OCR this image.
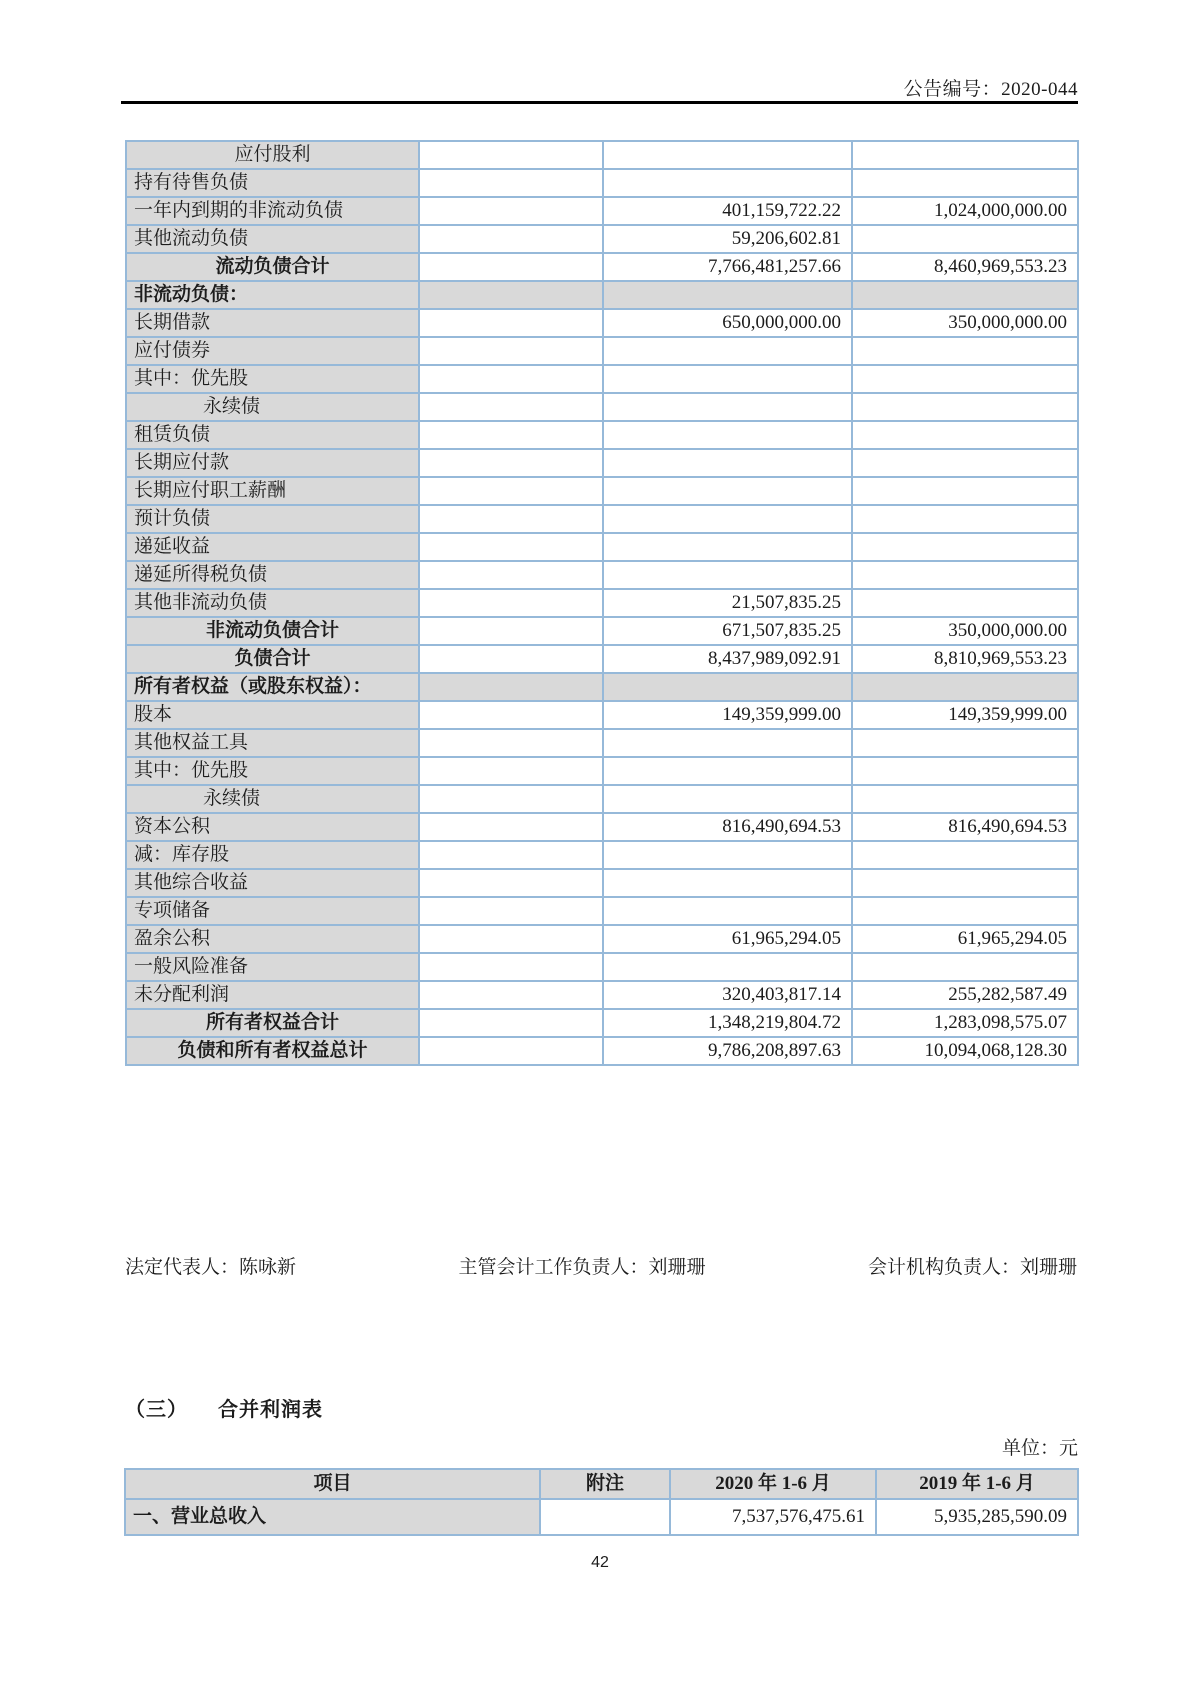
公告编号：2020-044
应付股利			
持有待售负债			
一年内到期的非流动负债		401,159,722.22	1,024,000,000.00
其他流动负债		59,206,602.81	
流动负债合计		7,766,481,257.66	8,460,969,553.23
非流动负债：			
长期借款		650,000,000.00	350,000,000.00
应付债券			
其中：优先股			
永续债			
租赁负债			
长期应付款			
长期应付职工薪酬			
预计负债			
递延收益			
递延所得税负债			
其他非流动负债		21,507,835.25	
非流动负债合计		671,507,835.25	350,000,000.00
负债合计		8,437,989,092.91	8,810,969,553.23
所有者权益（或股东权益）：			
股本		149,359,999.00	149,359,999.00
其他权益工具			
其中：优先股			
永续债			
资本公积		816,490,694.53	816,490,694.53
减：库存股			
其他综合收益			
专项储备			
盈余公积		61,965,294.05	61,965,294.05
一般风险准备			
未分配利润		320,403,817.14	255,282,587.49
所有者权益合计		1,348,219,804.72	1,283,098,575.07
负债和所有者权益总计		9,786,208,897.63	10,094,068,128.30
法定代表人：陈咏新	主管会计工作负责人：刘珊珊	会计机构负责人：刘珊珊
（三） 合并利润表
单位：元
项目	附注	2020 年 1-6 月	2019 年 1-6 月
一、营业总收入		7,537,576,475.61	5,935,285,590.09
42
